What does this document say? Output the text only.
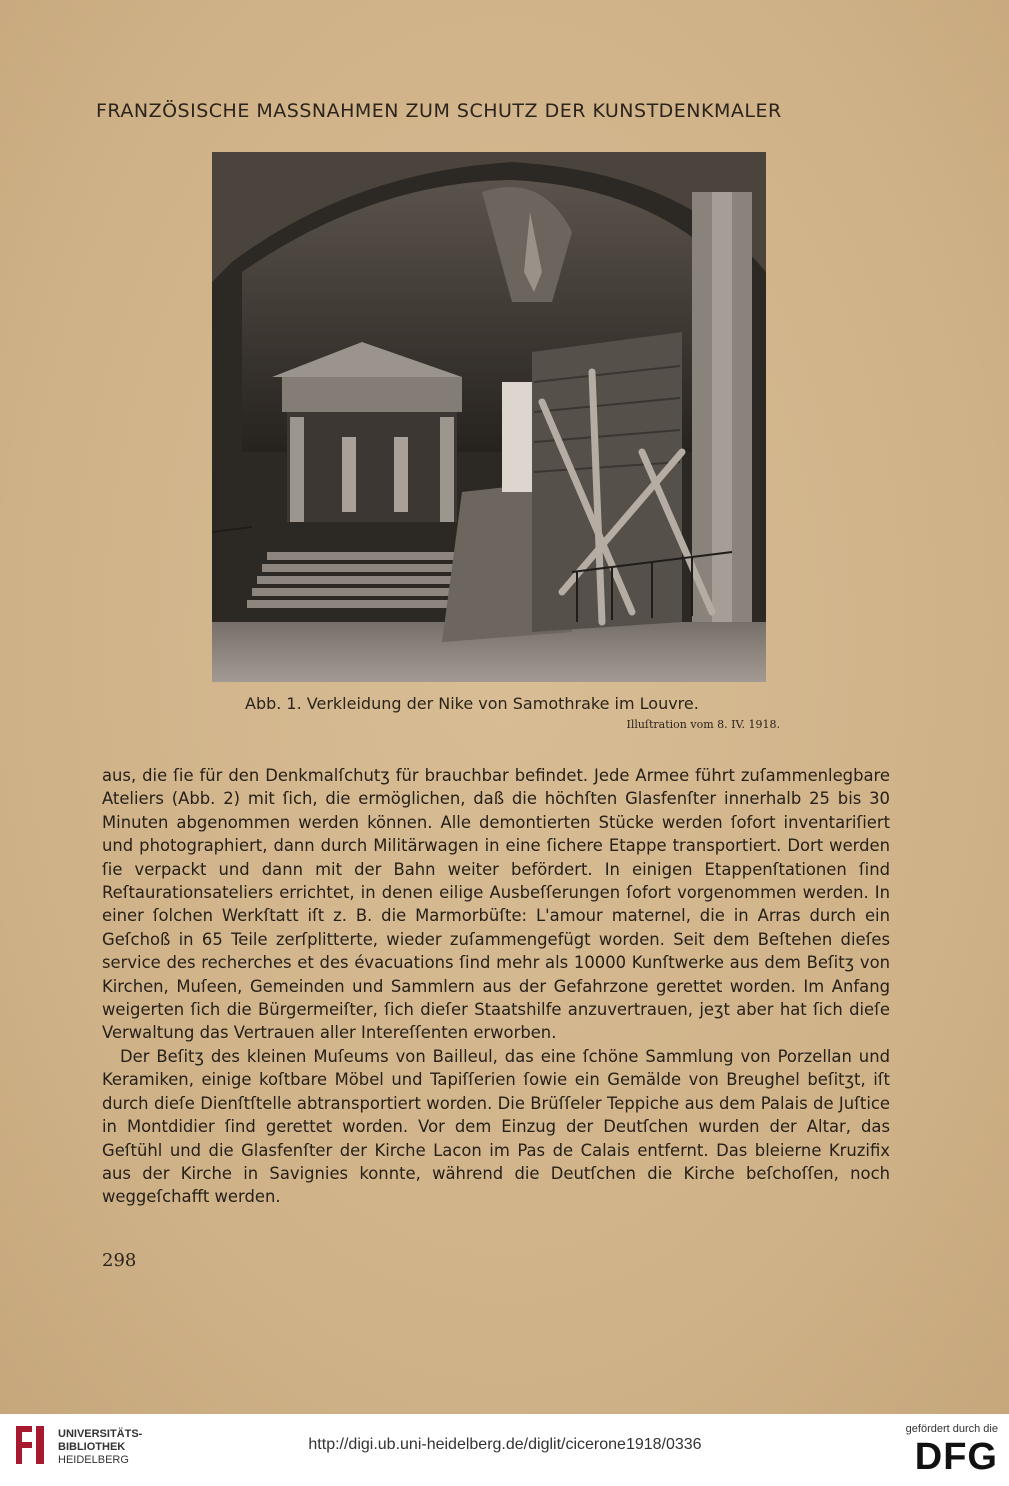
FRANZÖSISCHE MASSNAHMEN ZUM SCHUTZ DER KUNSTDENKMALER
Abb. 1. Verkleidung der Nike von Samothrake im Louvre.
Illuſtration vom 8. IV. 1918.

aus, die ſie für den Denkmalſchutʒ für brauchbar befindet. Jede Armee führt zuſammenlegbare Ateliers (Abb. 2) mit ſich, die ermöglichen, daß die höchſten Glasfenſter innerhalb 25 bis 30 Minuten abgenommen werden können. Alle demontierten Stücke werden ſofort inventariſiert und photographiert, dann durch Militärwagen in eine ſichere Etappe transportiert. Dort werden ſie verpackt und dann mit der Bahn weiter befördert. In einigen Etappenſtationen ſind Reſtaurationsateliers errichtet, in denen eilige Ausbeſſerungen ſofort vorgenommen werden. In einer ſolchen Werkſtatt iſt z. B. die Marmorbüſte: L'amour maternel, die in Arras durch ein Geſchoß in 65 Teile zerſplitterte, wieder zuſammengefügt worden. Seit dem Beſtehen dieſes service des recherches et des évacuations ſind mehr als 10000 Kunſtwerke aus dem Beſitʒ von Kirchen, Muſeen, Gemeinden und Sammlern aus der Gefahrzone gerettet worden. Im Anfang weigerten ſich die Bürgermeiſter, ſich dieſer Staatshilfe anzuvertrauen, jeʒt aber hat ſich dieſe Verwaltung das Vertrauen aller Intereſſenten erworben.

Der Beſitʒ des kleinen Muſeums von Bailleul, das eine ſchöne Sammlung von Porzellan und Keramiken, einige koſtbare Möbel und Tapiſſerien ſowie ein Gemälde von Breughel beſitʒt, iſt durch dieſe Dienſtſtelle abtransportiert worden. Die Brüſſeler Teppiche aus dem Palais de Juſtice in Montdidier ſind gerettet worden. Vor dem Einzug der Deutſchen wurden der Altar, das Geſtühl und die Glasfenſter der Kirche Lacon im Pas de Calais entfernt. Das bleierne Kruzifix aus der Kirche in Savignies konnte, während die Deutſchen die Kirche beſchoſſen, noch weggeſchafft werden.

298
UNIVERSITÄTS-
BIBLIOTHEK
HEIDELBERG
http://digi.ub.uni-heidelberg.de/diglit/cicerone1918/0336
gefördert durch die
DFG
